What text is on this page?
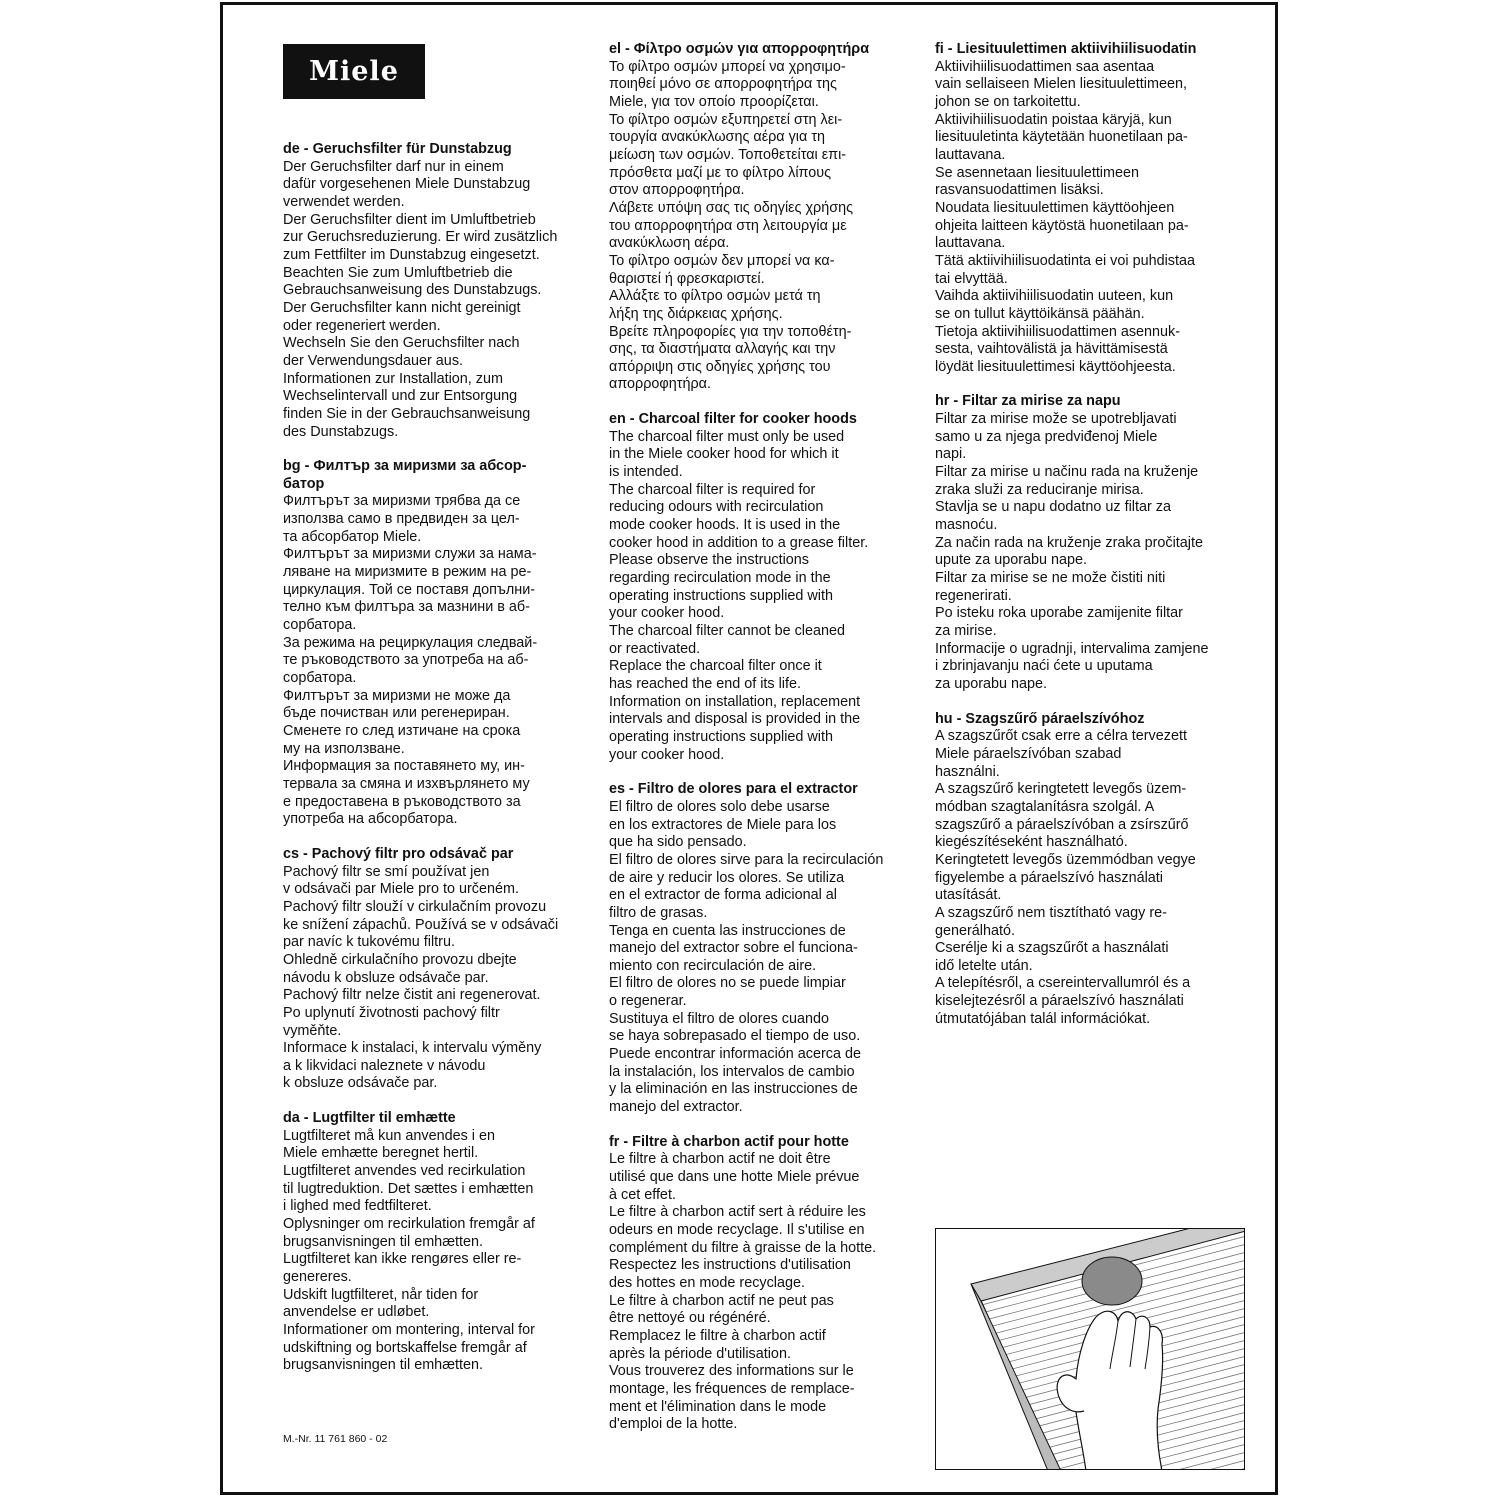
Miele
de - Geruchsfilter für Dunstabzug
Der Geruchsfilter darf nur in einem
dafür vorgesehenen Miele Dunstabzug
verwendet werden.
Der Geruchsfilter dient im Umluftbetrieb
zur Geruchsreduzierung. Er wird zusätzlich
zum Fettfilter im Dunstabzug eingesetzt.
Beachten Sie zum Umluftbetrieb die
Gebrauchsanweisung des Dunstabzugs.
Der Geruchsfilter kann nicht gereinigt
oder regeneriert werden.
Wechseln Sie den Geruchsfilter nach
der Verwendungsdauer aus.
Informationen zur Installation, zum
Wechselintervall und zur Entsorgung
finden Sie in der Gebrauchsanweisung
des Dunstabzugs.
bg - Филтър за миризми за абсор-
батор
Филтърът за миризми трябва да се
използва само в предвиден за цел-
та абсорбатор Miele.
Филтърът за миризми служи за нама-
ляване на миризмите в режим на ре-
циркулация. Той се поставя допълни-
телно към филтъра за мазнини в аб-
сорбатора.
За режима на рециркулация следвай-
те ръководството за употреба на аб-
сорбатора.
Филтърът за миризми не може да
бъде почистван или регенериран.
Сменете го след изтичане на срока
му на използване.
Информация за поставянето му, ин-
тервала за смяна и изхвърлянето му
е предоставена в ръководството за
употреба на абсорбатора.
cs - Pachový filtr pro odsávač par
Pachový filtr se smí používat jen
v odsávači par Miele pro to určeném.
Pachový filtr slouží v cirkulačním provozu
ke snížení zápachů. Používá se v odsávači
par navíc k tukovému filtru.
Ohledně cirkulačního provozu dbejte
návodu k obsluze odsávače par.
Pachový filtr nelze čistit ani regenerovat.
Po uplynutí životnosti pachový filtr
vyměňte.
Informace k instalaci, k intervalu výměny
a k likvidaci naleznete v návodu
k obsluze odsávače par.
da - Lugtfilter til emhætte
Lugtfilteret må kun anvendes i en
Miele emhætte beregnet hertil.
Lugtfilteret anvendes ved recirkulation
til lugtreduktion. Det sættes i emhætten
i lighed med fedtfilteret.
Oplysninger om recirkulation fremgår af
brugsanvisningen til emhætten.
Lugtfilteret kan ikke rengøres eller re-
genereres.
Udskift lugtfilteret, når tiden for
anvendelse er udløbet.
Informationer om montering, interval for
udskiftning og bortskaffelse fremgår af
brugsanvisningen til emhætten.
el - Φίλτρο οσμών για απορροφητήρα
Το φίλτρο οσμών μπορεί να χρησιμο-
ποιηθεί μόνο σε απορροφητήρα της
Miele, για τον οποίο προορίζεται.
Το φίλτρο οσμών εξυπηρετεί στη λει-
τουργία ανακύκλωσης αέρα για τη
μείωση των οσμών. Τοποθετείται επι-
πρόσθετα μαζί με το φίλτρο λίπους
στον απορροφητήρα.
Λάβετε υπόψη σας τις οδηγίες χρήσης
του απορροφητήρα στη λειτουργία με
ανακύκλωση αέρα.
Το φίλτρο οσμών δεν μπορεί να κα-
θαριστεί ή φρεσκαριστεί.
Αλλάξτε το φίλτρο οσμών μετά τη
λήξη της διάρκειας χρήσης.
Βρείτε πληροφορίες για την τοποθέτη-
σης, τα διαστήματα αλλαγής και την
απόρριψη στις οδηγίες χρήσης του
απορροφητήρα.
en - Charcoal filter for cooker hoods
The charcoal filter must only be used
in the Miele cooker hood for which it
is intended.
The charcoal filter is required for
reducing odours with recirculation
mode cooker hoods. It is used in the
cooker hood in addition to a grease filter.
Please observe the instructions
regarding recirculation mode in the
operating instructions supplied with
your cooker hood.
The charcoal filter cannot be cleaned
or reactivated.
Replace the charcoal filter once it
has reached the end of its life.
Information on installation, replacement
intervals and disposal is provided in the
operating instructions supplied with
your cooker hood.
es - Filtro de olores para el extractor
El filtro de olores solo debe usarse
en los extractores de Miele para los
que ha sido pensado.
El filtro de olores sirve para la recirculación
de aire y reducir los olores. Se utiliza
en el extractor de forma adicional al
filtro de grasas.
Tenga en cuenta las instrucciones de
manejo del extractor sobre el funciona-
miento con recirculación de aire.
El filtro de olores no se puede limpiar
o regenerar.
Sustituya el filtro de olores cuando
se haya sobrepasado el tiempo de uso.
Puede encontrar información acerca de
la instalación, los intervalos de cambio
y la eliminación en las instrucciones de
manejo del extractor.
fr - Filtre à charbon actif pour hotte
Le filtre à charbon actif ne doit être
utilisé que dans une hotte Miele prévue
à cet effet.
Le filtre à charbon actif sert à réduire les
odeurs en mode recyclage. Il s'utilise en
complément du filtre à graisse de la hotte.
Respectez les instructions d'utilisation
des hottes en mode recyclage.
Le filtre à charbon actif ne peut pas
être nettoyé ou régénéré.
Remplacez le filtre à charbon actif
après la période d'utilisation.
Vous trouverez des informations sur le
montage, les fréquences de remplace-
ment et l'élimination dans le mode
d'emploi de la hotte.
fi - Liesituulettimen aktiivihiilisuodatin
Aktiivihiilisuodattimen saa asentaa
vain sellaiseen Mielen liesituulettimeen,
johon se on tarkoitettu.
Aktiivihiilisuodatin poistaa käryjä, kun
liesituuletinta käytetään huonetilaan pa-
lauttavana.
Se asennetaan liesituulettimeen
rasvansuodattimen lisäksi.
Noudata liesituulettimen käyttöohjeen
ohjeita laitteen käytöstä huonetilaan pa-
lauttavana.
Tätä aktiivihiilisuodatinta ei voi puhdistaa
tai elvyttää.
Vaihda aktiivihiilisuodatin uuteen, kun
se on tullut käyttöikänsä päähän.
Tietoja aktiivihiilisuodattimen asennuk-
sesta, vaihtovälistä ja hävittämisestä
löydät liesituulettimesi käyttöohjeesta.
hr - Filtar za mirise za napu
Filtar za mirise može se upotrebljavati
samo u za njega predviđenoj Miele
napi.
Filtar za mirise u načinu rada na kruženje
zraka služi za reduciranje mirisa.
Stavlja se u napu dodatno uz filtar za
masnoću.
Za način rada na kruženje zraka pročitajte
upute za uporabu nape.
Filtar za mirise se ne može čistiti niti
regenerirati.
Po isteku roka uporabe zamijenite filtar
za mirise.
Informacije o ugradnji, intervalima zamjene
i zbrinjavanju naći ćete u uputama
za uporabu nape.
hu - Szagszűrő páraelszívóhoz
A szagszűrőt csak erre a célra tervezett
Miele páraelszívóban szabad
használni.
A szagszűrő keringtetett levegős üzem-
módban szagtalanításra szolgál. A
szagszűrő a páraelszívóban a zsírszűrő
kiegészítéseként használható.
Keringtetett levegős üzemmódban vegye
figyelembe a páraelszívó használati
utasítását.
A szagszűrő nem tisztítható vagy re-
generálható.
Cserélje ki a szagszűrőt a használati
idő letelte után.
A telepítésről, a csereintervallumról és a
kiselejtezésről a páraelszívó használati
útmutatójában talál információkat.
M.-Nr. 11 761 860 - 02
